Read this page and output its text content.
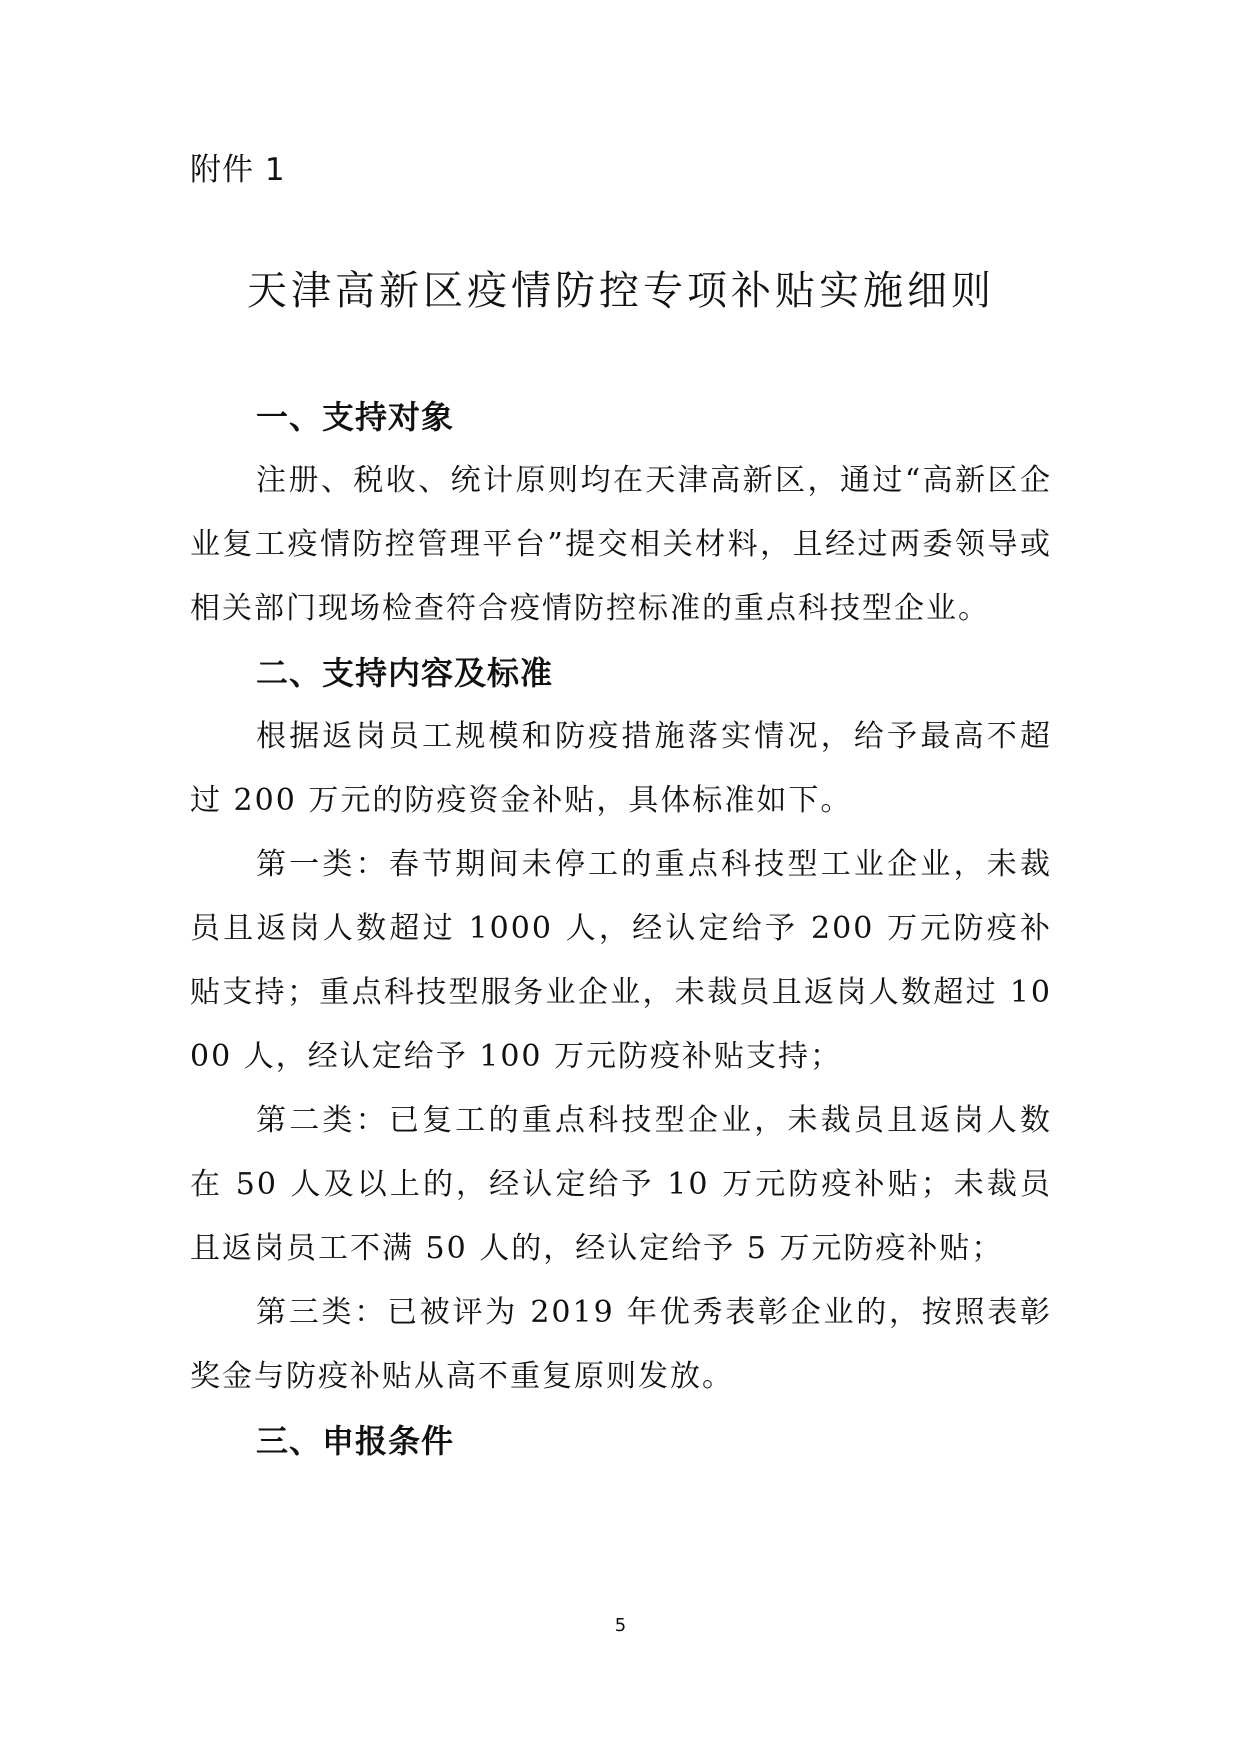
附件 1
天津高新区疫情防控专项补贴实施细则

一、支持对象

注册、税收、统计原则均在天津高新区，通过“高新区企业复工疫情防控管理平台”提交相关材料，且经过两委领导或相关部门现场检查符合疫情防控标准的重点科技型企业。

二、支持内容及标准

根据返岗员工规模和防疫措施落实情况，给予最高不超过 200 万元的防疫资金补贴，具体标准如下。

第一类：春节期间未停工的重点科技型工业企业，未裁员且返岗人数超过 1000 人，经认定给予 200 万元防疫补贴支持；重点科技型服务业企业，未裁员且返岗人数超过 1000 人，经认定给予 100 万元防疫补贴支持；

第二类：已复工的重点科技型企业，未裁员且返岗人数在 50 人及以上的，经认定给予 10 万元防疫补贴；未裁员且返岗员工不满 50 人的，经认定给予 5 万元防疫补贴；

第三类：已被评为 2019 年优秀表彰企业的，按照表彰奖金与防疫补贴从高不重复原则发放。

三、申报条件

5
